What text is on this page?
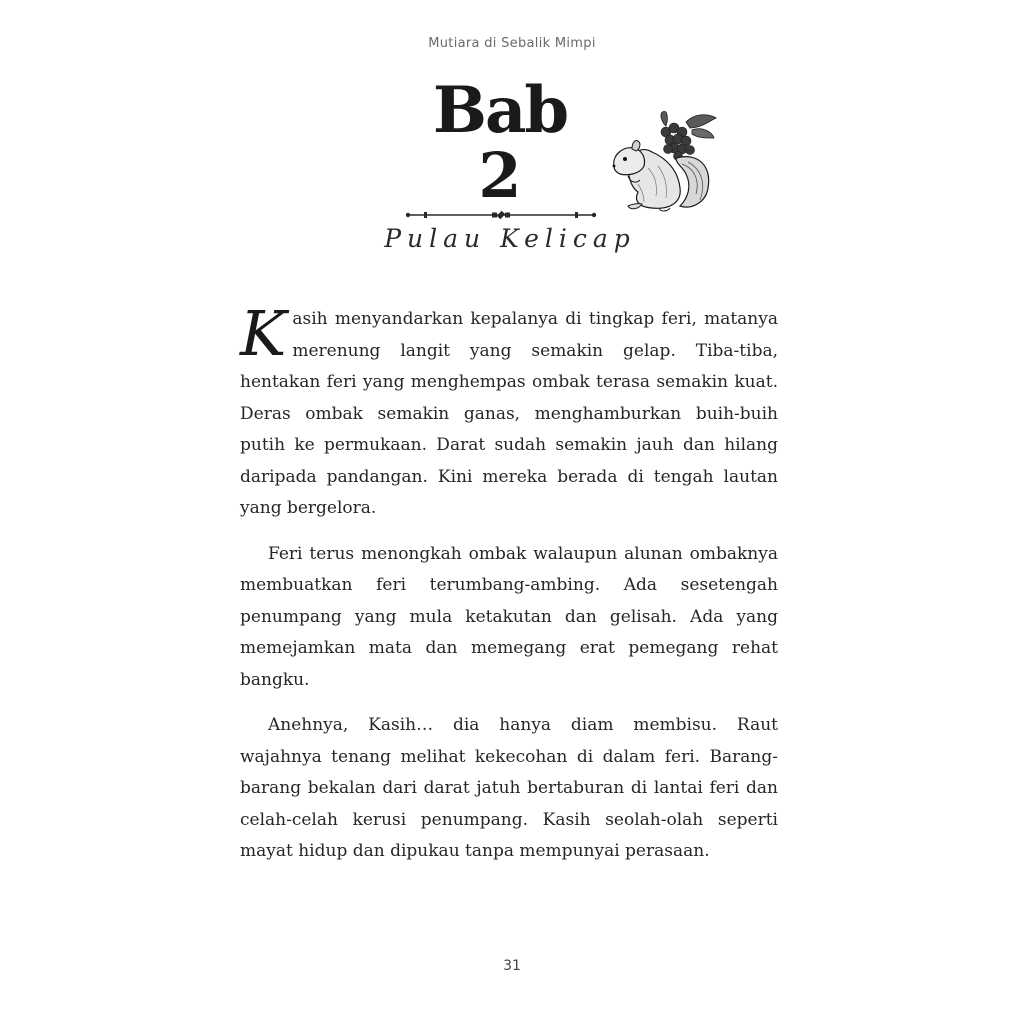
Mutiara di Sebalik Mimpi
Bab
2
Pulau Kelicap

Kasih menyandarkan kepalanya di tingkap feri, matanya merenung langit yang semakin gelap. Tiba-tiba, hentakan feri yang menghempas ombak terasa semakin kuat. Deras ombak semakin ganas, menghamburkan buih-buih putih ke permukaan. Darat sudah semakin jauh dan hilang daripada pandangan. Kini mereka berada di tengah lautan yang bergelora.

Feri terus menongkah ombak walaupun alunan ombaknya membuatkan feri terumbang-ambing. Ada sesetengah penumpang yang mula ketakutan dan gelisah. Ada yang memejamkan mata dan memegang erat pemegang rehat bangku.

Anehnya, Kasih… dia hanya diam membisu. Raut wajahnya tenang melihat kekecohan di dalam feri. Barang-barang bekalan dari darat jatuh bertaburan di lantai feri dan celah-celah kerusi penumpang. Kasih seolah-olah seperti mayat hidup dan dipukau tanpa mempunyai perasaan.

31
